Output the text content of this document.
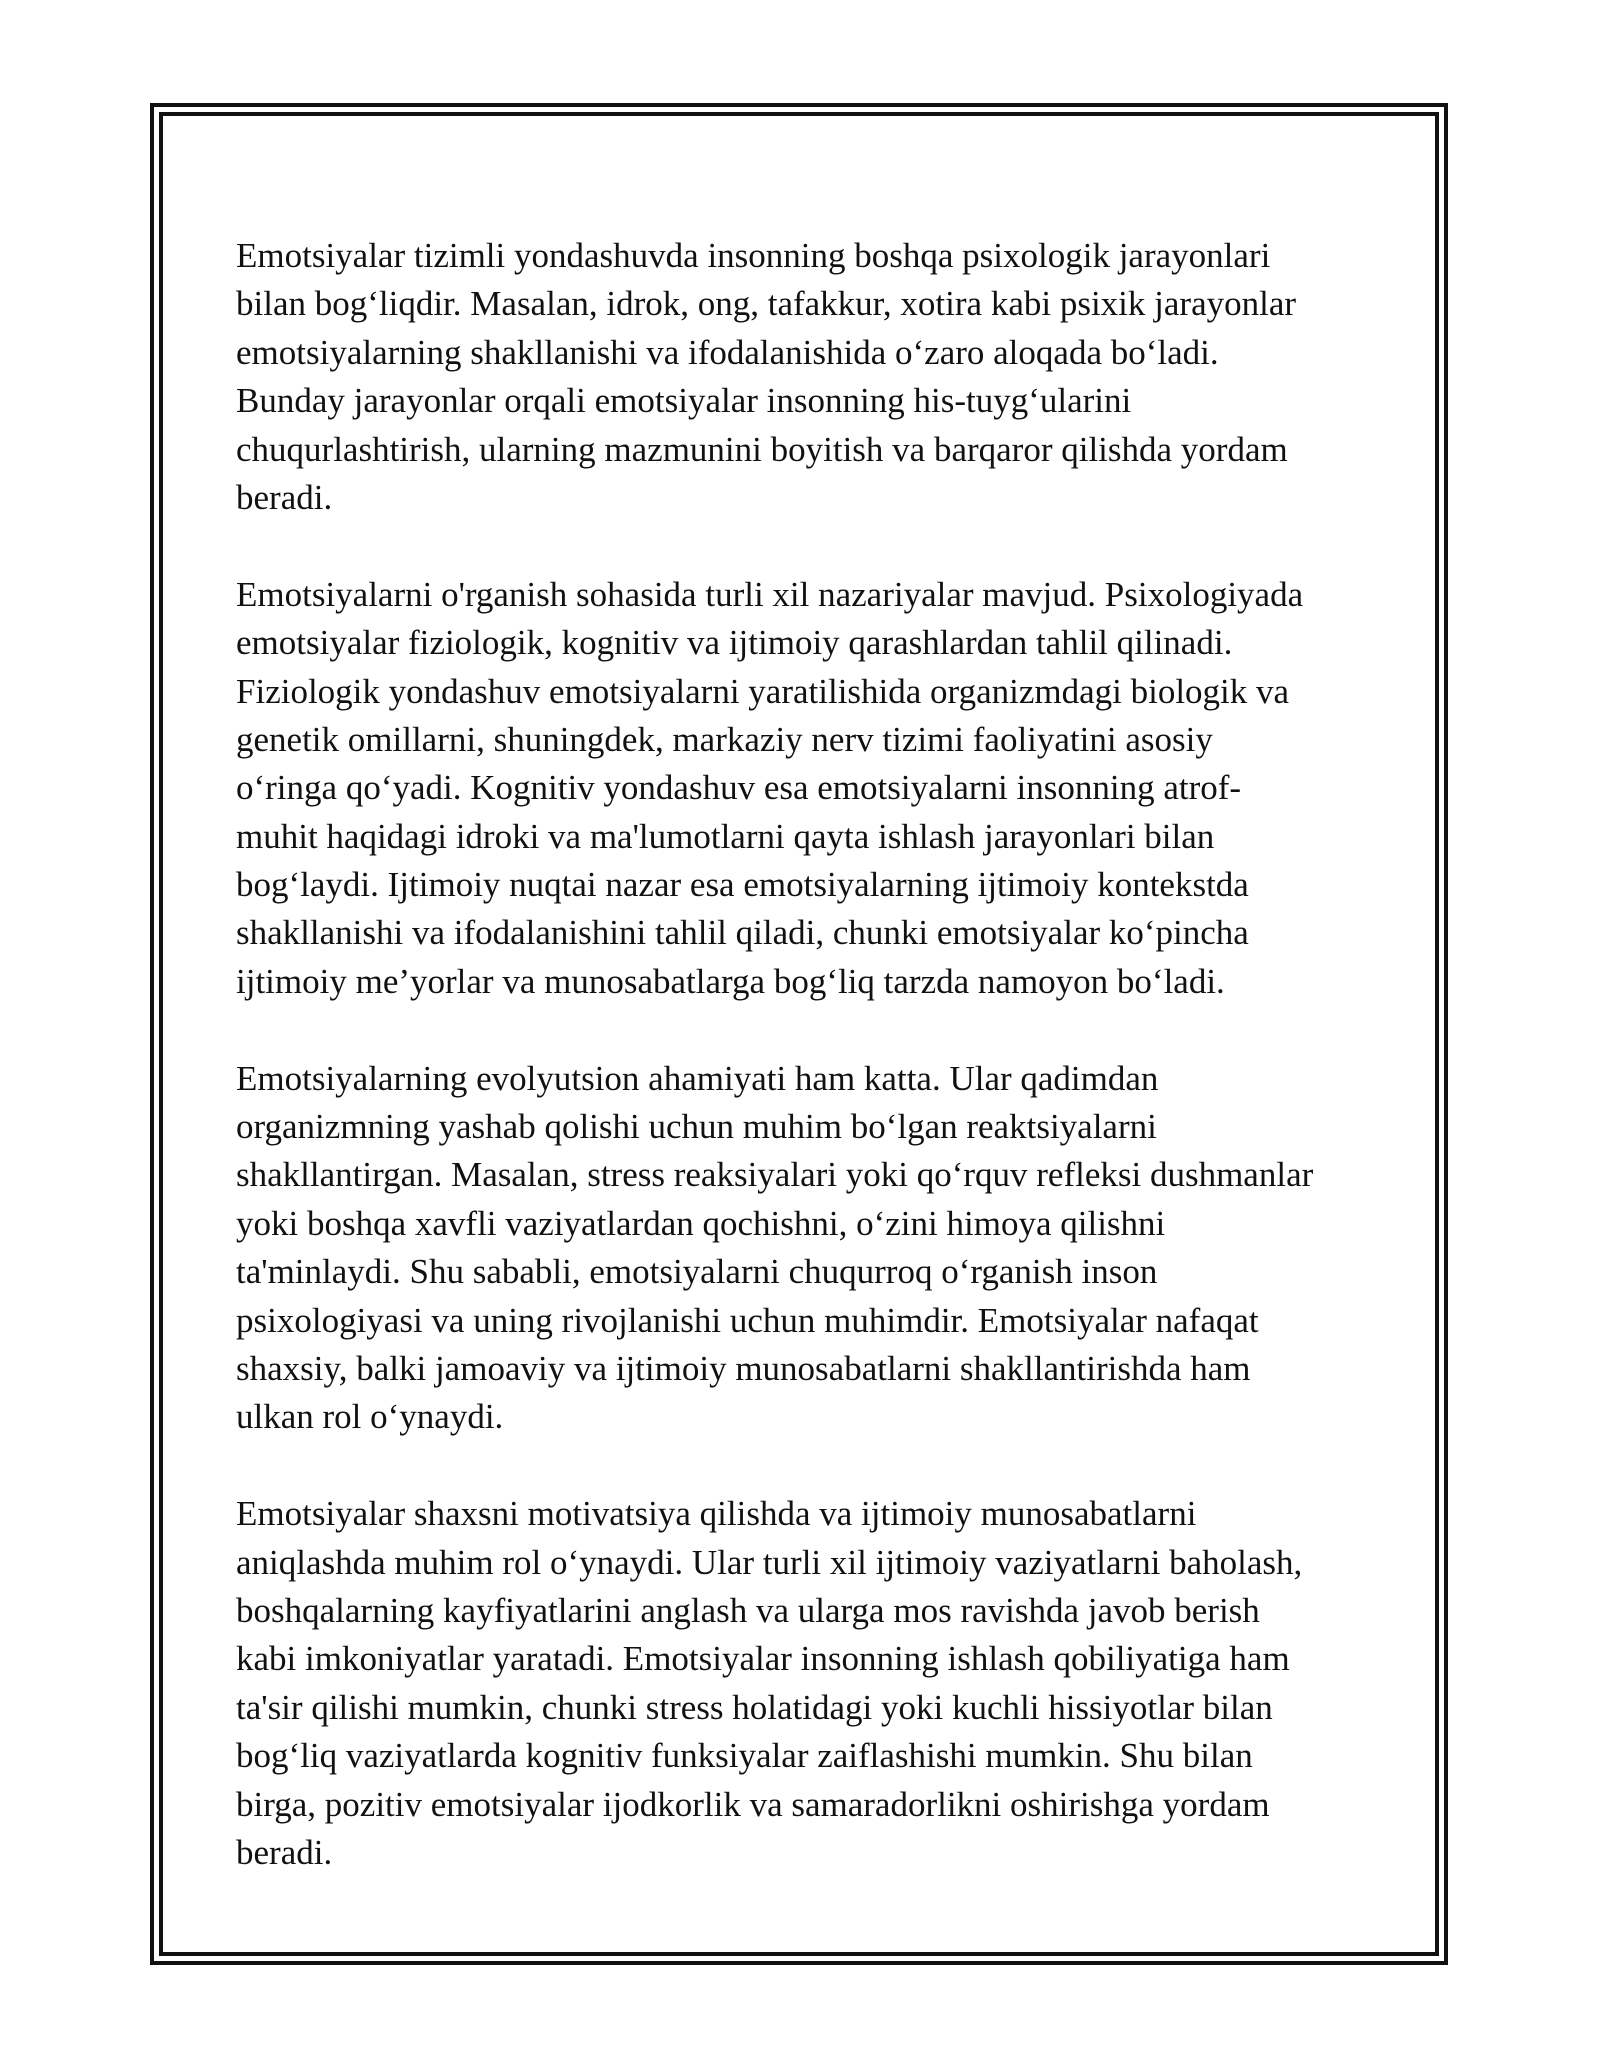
Emotsiyalar tizimli yondashuvda insonning boshqa psixologik jarayonlari
bilan bog‘liqdir. Masalan, idrok, ong, tafakkur, xotira kabi psixik jarayonlar
emotsiyalarning shakllanishi va ifodalanishida o‘zaro aloqada bo‘ladi.
Bunday jarayonlar orqali emotsiyalar insonning his-tuyg‘ularini
chuqurlashtirish, ularning mazmunini boyitish va barqaror qilishda yordam
beradi.

Emotsiyalarni o'rganish sohasida turli xil nazariyalar mavjud. Psixologiyada
emotsiyalar fiziologik, kognitiv va ijtimoiy qarashlardan tahlil qilinadi.
Fiziologik yondashuv emotsiyalarni yaratilishida organizmdagi biologik va
genetik omillarni, shuningdek, markaziy nerv tizimi faoliyatini asosiy
o‘ringa qo‘yadi. Kognitiv yondashuv esa emotsiyalarni insonning atrof-
muhit haqidagi idroki va ma'lumotlarni qayta ishlash jarayonlari bilan
bog‘laydi. Ijtimoiy nuqtai nazar esa emotsiyalarning ijtimoiy kontekstda
shakllanishi va ifodalanishini tahlil qiladi, chunki emotsiyalar ko‘pincha
ijtimoiy me’yorlar va munosabatlarga bog‘liq tarzda namoyon bo‘ladi.

Emotsiyalarning evolyutsion ahamiyati ham katta. Ular qadimdan
organizmning yashab qolishi uchun muhim bo‘lgan reaktsiyalarni
shakllantirgan. Masalan, stress reaksiyalari yoki qo‘rquv refleksi dushmanlar
yoki boshqa xavfli vaziyatlardan qochishni, o‘zini himoya qilishni
ta'minlaydi. Shu sababli, emotsiyalarni chuqurroq o‘rganish inson
psixologiyasi va uning rivojlanishi uchun muhimdir. Emotsiyalar nafaqat
shaxsiy, balki jamoaviy va ijtimoiy munosabatlarni shakllantirishda ham
ulkan rol o‘ynaydi.

Emotsiyalar shaxsni motivatsiya qilishda va ijtimoiy munosabatlarni
aniqlashda muhim rol o‘ynaydi. Ular turli xil ijtimoiy vaziyatlarni baholash,
boshqalarning kayfiyatlarini anglash va ularga mos ravishda javob berish
kabi imkoniyatlar yaratadi. Emotsiyalar insonning ishlash qobiliyatiga ham
ta'sir qilishi mumkin, chunki stress holatidagi yoki kuchli hissiyotlar bilan
bog‘liq vaziyatlarda kognitiv funksiyalar zaiflashishi mumkin. Shu bilan
birga, pozitiv emotsiyalar ijodkorlik va samaradorlikni oshirishga yordam
beradi.
